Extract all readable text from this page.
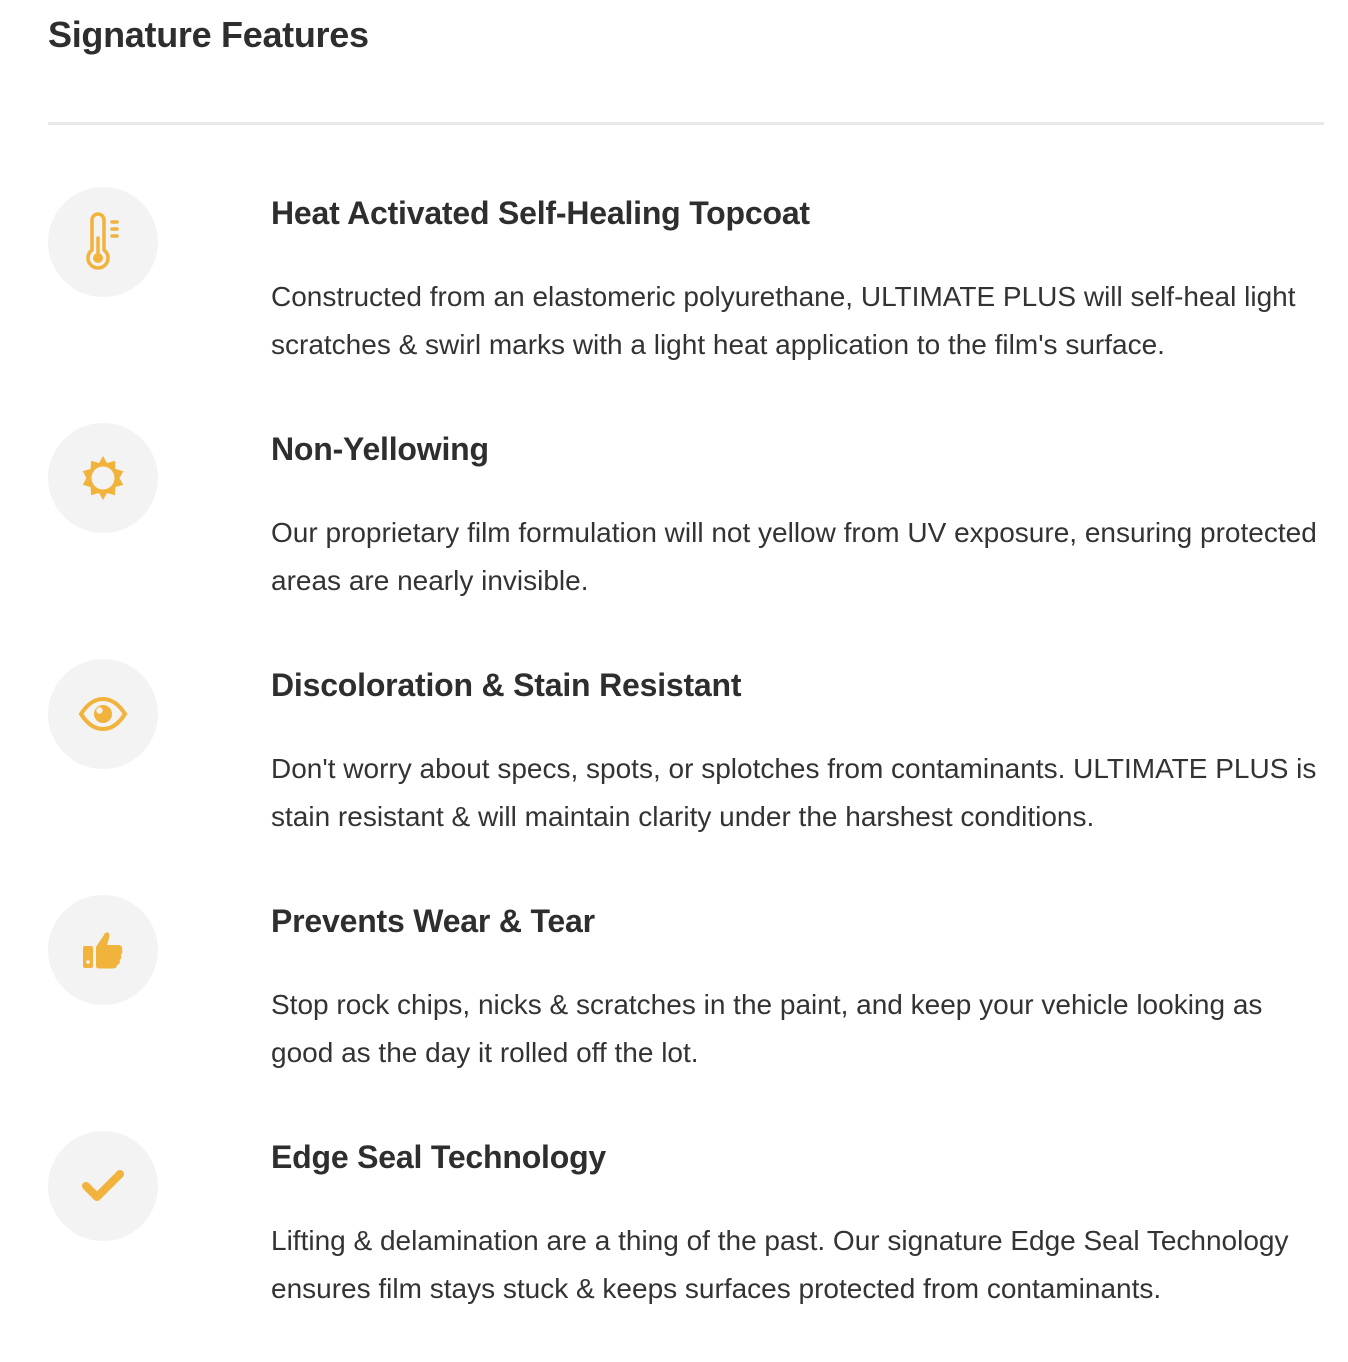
Signature Features
Heat Activated Self-Healing Topcoat

Constructed from an elastomeric polyurethane, ULTIMATE PLUS will self-heal light scratches & swirl marks with a light heat application to the film's surface.

Non-Yellowing

Our proprietary film formulation will not yellow from UV exposure, ensuring protected areas are nearly invisible.

Discoloration & Stain Resistant

Don't worry about specs, spots, or splotches from contaminants. ULTIMATE PLUS is stain resistant & will maintain clarity under the harshest conditions.

Prevents Wear & Tear

Stop rock chips, nicks & scratches in the paint, and keep your vehicle looking as good as the day it rolled off the lot.

Edge Seal Technology

Lifting & delamination are a thing of the past. Our signature Edge Seal Technology ensures film stays stuck & keeps surfaces protected from contaminants.
